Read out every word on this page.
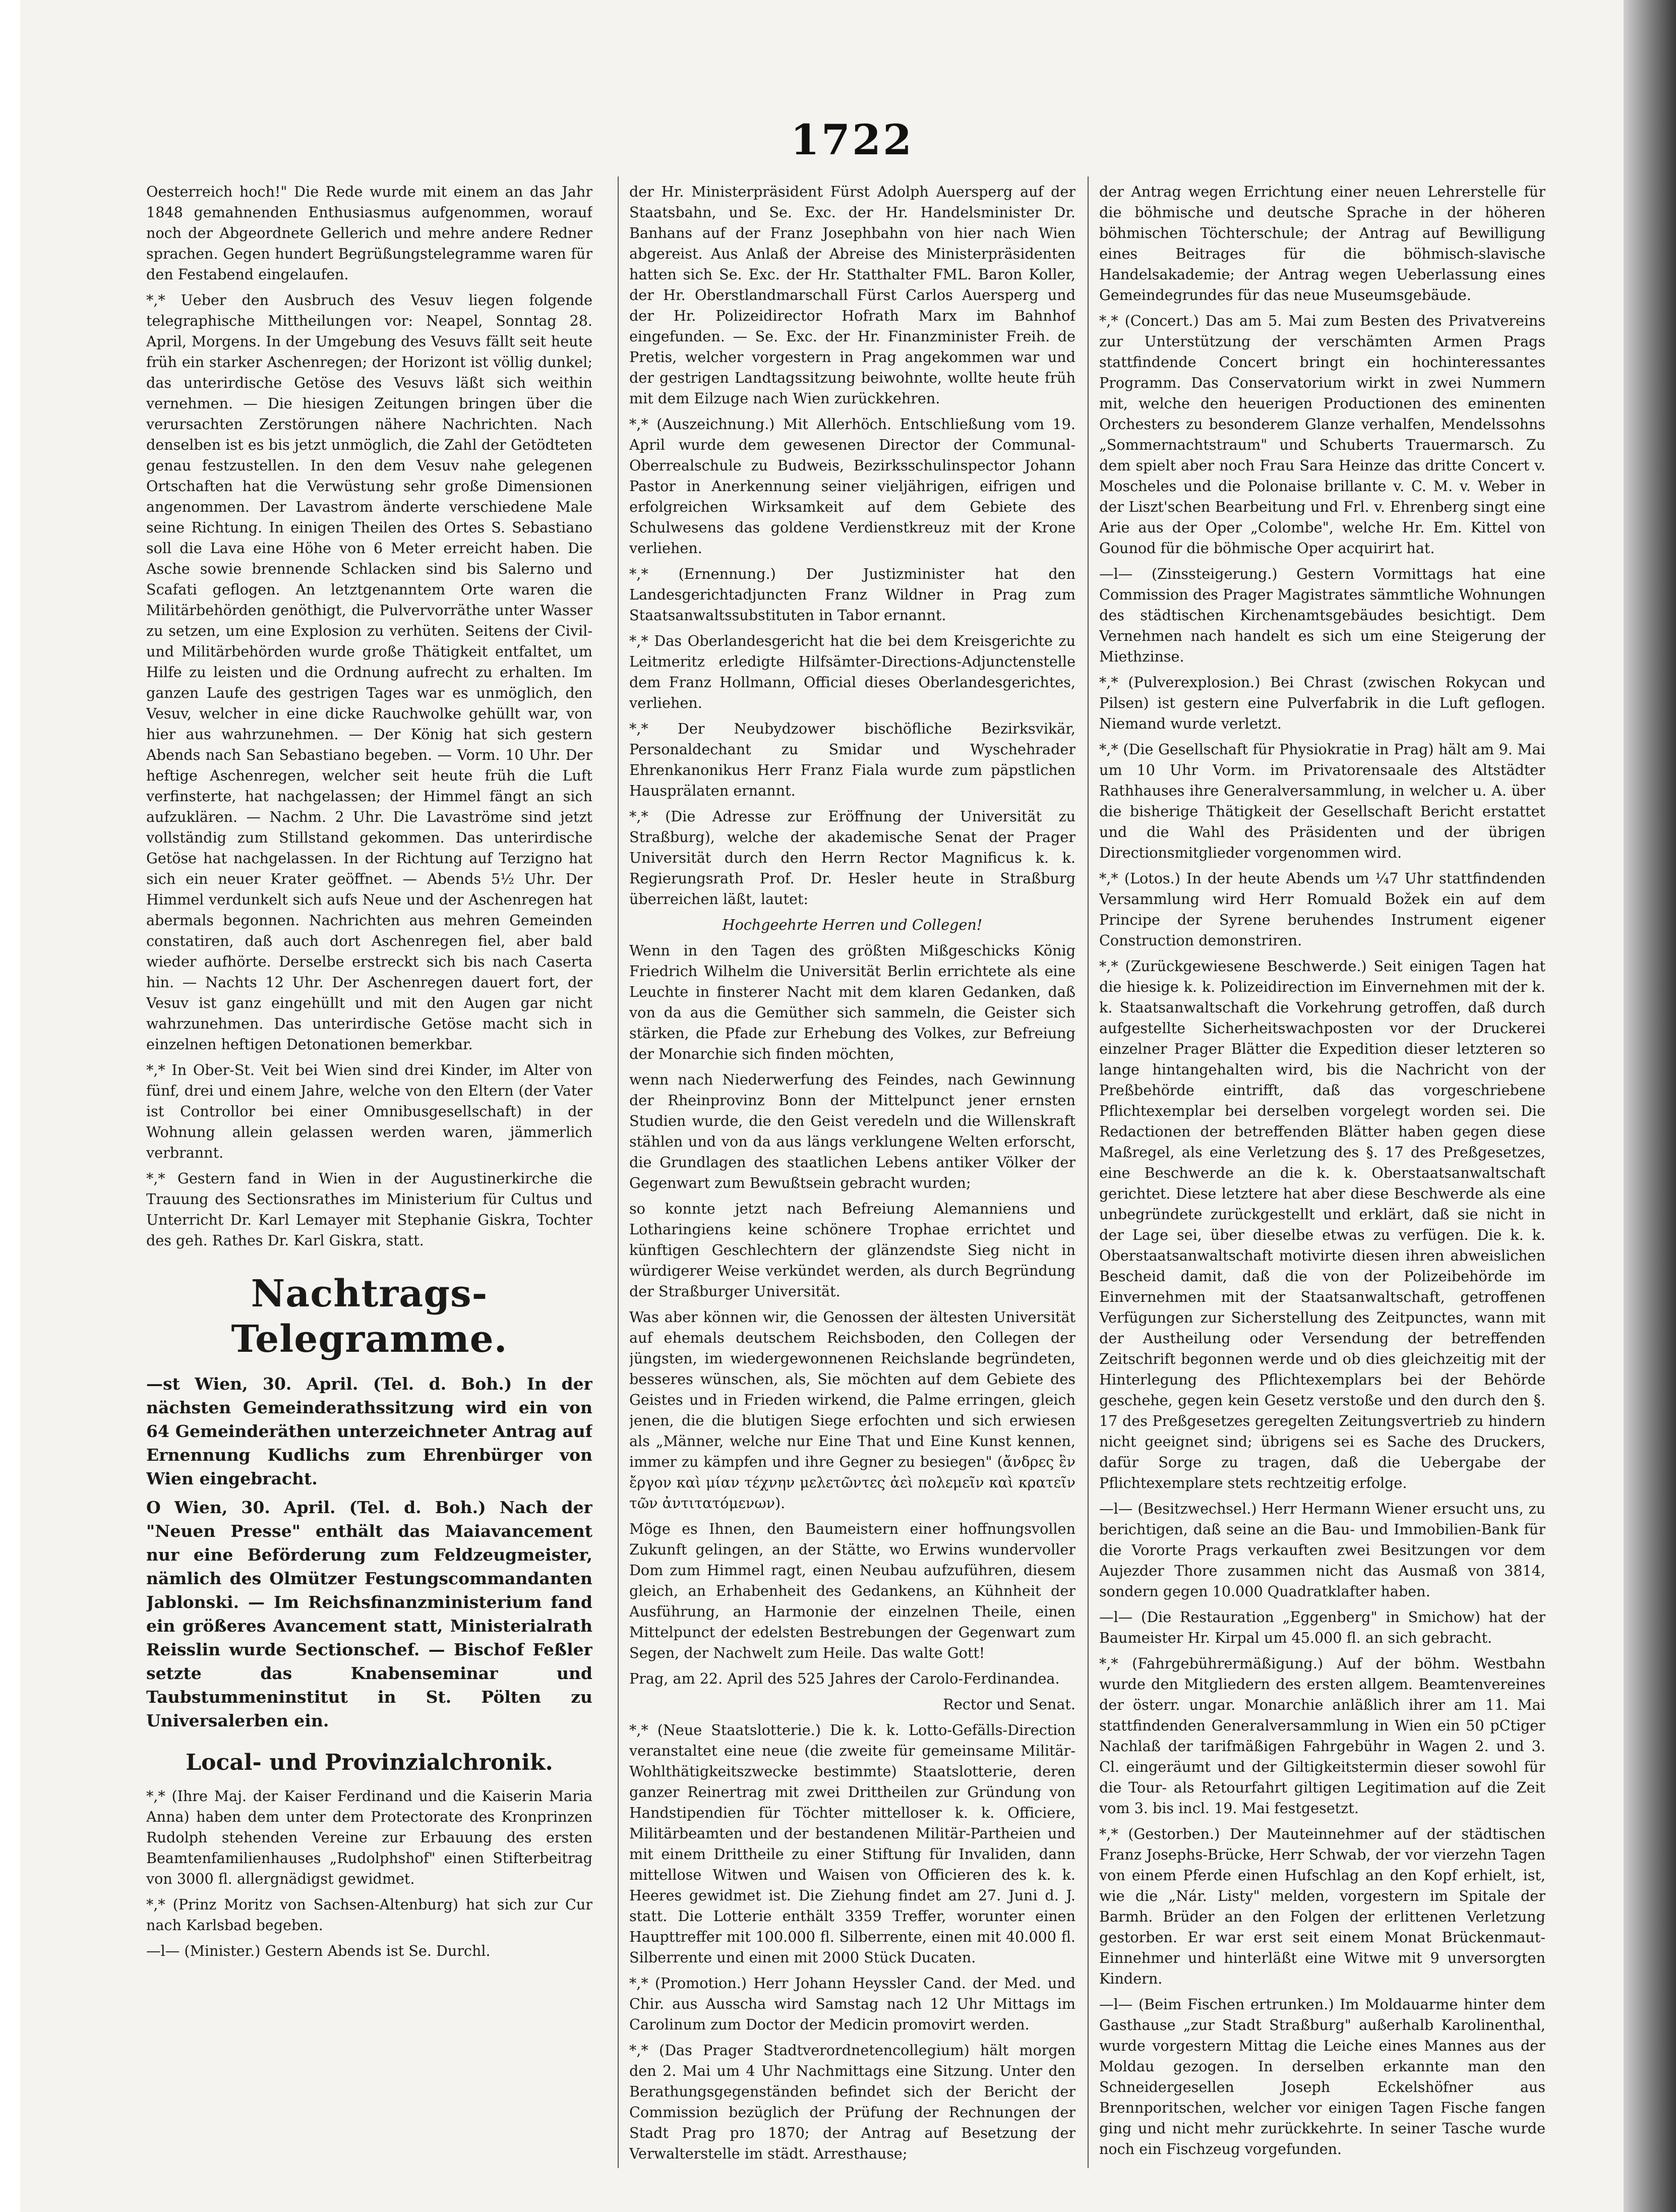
1722

Oesterreich hoch!" Die Rede wurde mit einem an das Jahr 1848 gemahnenden Enthusiasmus aufgenommen, worauf noch der Abgeordnete Gellerich und mehre andere Redner sprachen. Gegen hundert Begrüßungstelegramme waren für den Festabend eingelaufen.

*,* Ueber den Ausbruch des Vesuv liegen folgende telegraphische Mittheilungen vor: Neapel, Sonntag 28. April, Morgens. In der Umgebung des Vesuvs fällt seit heute früh ein starker Aschenregen; der Horizont ist völlig dunkel; das unterirdische Getöse des Vesuvs läßt sich weithin vernehmen. — Die hiesigen Zeitungen bringen über die verursachten Zerstörungen nähere Nachrichten. Nach denselben ist es bis jetzt unmöglich, die Zahl der Getödteten genau festzustellen. In den dem Vesuv nahe gelegenen Ortschaften hat die Verwüstung sehr große Dimensionen angenommen. Der Lavastrom änderte verschiedene Male seine Richtung. In einigen Theilen des Ortes S. Sebastiano soll die Lava eine Höhe von 6 Meter erreicht haben. Die Asche sowie brennende Schlacken sind bis Salerno und Scafati geflogen. An letztgenanntem Orte waren die Militärbehörden genöthigt, die Pulvervorräthe unter Wasser zu setzen, um eine Explosion zu verhüten. Seitens der Civil- und Militärbehörden wurde große Thätigkeit entfaltet, um Hilfe zu leisten und die Ordnung aufrecht zu erhalten. Im ganzen Laufe des gestrigen Tages war es unmöglich, den Vesuv, welcher in eine dicke Rauchwolke gehüllt war, von hier aus wahrzunehmen. — Der König hat sich gestern Abends nach San Sebastiano begeben. — Vorm. 10 Uhr. Der heftige Aschenregen, welcher seit heute früh die Luft verfinsterte, hat nachgelassen; der Himmel fängt an sich aufzuklären. — Nachm. 2 Uhr. Die Lavaströme sind jetzt vollständig zum Stillstand gekommen. Das unterirdische Getöse hat nachgelassen. In der Richtung auf Terzigno hat sich ein neuer Krater geöffnet. — Abends 5½ Uhr. Der Himmel verdunkelt sich aufs Neue und der Aschenregen hat abermals begonnen. Nachrichten aus mehren Gemeinden constatiren, daß auch dort Aschenregen fiel, aber bald wieder aufhörte. Derselbe erstreckt sich bis nach Caserta hin. — Nachts 12 Uhr. Der Aschenregen dauert fort, der Vesuv ist ganz eingehüllt und mit den Augen gar nicht wahrzunehmen. Das unterirdische Getöse macht sich in einzelnen heftigen Detonationen bemerkbar.

*,* In Ober-St. Veit bei Wien sind drei Kinder, im Alter von fünf, drei und einem Jahre, welche von den Eltern (der Vater ist Controllor bei einer Omnibusgesellschaft) in der Wohnung allein gelassen werden waren, jämmerlich verbrannt.

*,* Gestern fand in Wien in der Augustinerkirche die Trauung des Sectionsrathes im Ministerium für Cultus und Unterricht Dr. Karl Lemayer mit Stephanie Giskra, Tochter des geh. Rathes Dr. Karl Giskra, statt.

Nachtrags-Telegramme.

—st Wien, 30. April. (Tel. d. Boh.) In der nächsten Gemeinderathssitzung wird ein von 64 Gemeinderäthen unterzeichneter Antrag auf Ernennung Kudlichs zum Ehrenbürger von Wien eingebracht.

O Wien, 30. April. (Tel. d. Boh.) Nach der "Neuen Presse" enthält das Maiavancement nur eine Beförderung zum Feldzeugmeister, nämlich des Olmützer Festungscommandanten Jablonski. — Im Reichsfinanzministerium fand ein größeres Avancement statt, Ministerialrath Reisslin wurde Sectionschef. — Bischof Feßler setzte das Knabenseminar und Taubstummeninstitut in St. Pölten zu Universalerben ein.

Local- und Provinzialchronik.

*,* (Ihre Maj. der Kaiser Ferdinand und die Kaiserin Maria Anna) haben dem unter dem Protectorate des Kronprinzen Rudolph stehenden Vereine zur Erbauung des ersten Beamtenfamilienhauses „Rudolphshof" einen Stifterbeitrag von 3000 fl. allergnädigst gewidmet.

*,* (Prinz Moritz von Sachsen-Altenburg) hat sich zur Cur nach Karlsbad begeben.

—l— (Minister.) Gestern Abends ist Se. Durchl.

der Hr. Ministerpräsident Fürst Adolph Auersperg auf der Staatsbahn, und Se. Exc. der Hr. Handelsminister Dr. Banhans auf der Franz Josephbahn von hier nach Wien abgereist. Aus Anlaß der Abreise des Ministerpräsidenten hatten sich Se. Exc. der Hr. Statthalter FML. Baron Koller, der Hr. Oberstlandmarschall Fürst Carlos Auersperg und der Hr. Polizeidirector Hofrath Marx im Bahnhof eingefunden. — Se. Exc. der Hr. Finanzminister Freih. de Pretis, welcher vorgestern in Prag angekommen war und der gestrigen Landtagssitzung beiwohnte, wollte heute früh mit dem Eilzuge nach Wien zurückkehren.

*,* (Auszeichnung.) Mit Allerhöch. Entschließung vom 19. April wurde dem gewesenen Director der Communal-Oberrealschule zu Budweis, Bezirksschulinspector Johann Pastor in Anerkennung seiner vieljährigen, eifrigen und erfolgreichen Wirksamkeit auf dem Gebiete des Schulwesens das goldene Verdienstkreuz mit der Krone verliehen.

*,* (Ernennung.) Der Justizminister hat den Landesgerichtadjuncten Franz Wildner in Prag zum Staatsanwaltssubstituten in Tabor ernannt.

*,* Das Oberlandesgericht hat die bei dem Kreisgerichte zu Leitmeritz erledigte Hilfsämter-Directions-Adjunctenstelle dem Franz Hollmann, Official dieses Oberlandesgerichtes, verliehen.

*,* Der Neubydzower bischöfliche Bezirksvikär, Personaldechant zu Smidar und Wyschehrader Ehrenkanonikus Herr Franz Fiala wurde zum päpstlichen Hausprälaten ernannt.

*,* (Die Adresse zur Eröffnung der Universität zu Straßburg), welche der akademische Senat der Prager Universität durch den Herrn Rector Magnificus k. k. Regierungsrath Prof. Dr. Hesler heute in Straßburg überreichen läßt, lautet:

Hochgeehrte Herren und Collegen!

Wenn in den Tagen des größten Mißgeschicks König Friedrich Wilhelm die Universität Berlin errichtete als eine Leuchte in finsterer Nacht mit dem klaren Gedanken, daß von da aus die Gemüther sich sammeln, die Geister sich stärken, die Pfade zur Erhebung des Volkes, zur Befreiung der Monarchie sich finden möchten,

wenn nach Niederwerfung des Feindes, nach Gewinnung der Rheinprovinz Bonn der Mittelpunct jener ernsten Studien wurde, die den Geist veredeln und die Willenskraft stählen und von da aus längs verklungene Welten erforscht, die Grundlagen des staatlichen Lebens antiker Völker der Gegenwart zum Bewußtsein gebracht wurden;

so konnte jetzt nach Befreiung Alemanniens und Lotharingiens keine schönere Trophae errichtet und künftigen Geschlechtern der glänzendste Sieg nicht in würdigerer Weise verkündet werden, als durch Begründung der Straßburger Universität.

Was aber können wir, die Genossen der ältesten Universität auf ehemals deutschem Reichsboden, den Collegen der jüngsten, im wiedergewonnenen Reichslande begründeten, besseres wünschen, als, Sie möchten auf dem Gebiete des Geistes und in Frieden wirkend, die Palme erringen, gleich jenen, die die blutigen Siege erfochten und sich erwiesen als „Männer, welche nur Eine That und Eine Kunst kennen, immer zu kämpfen und ihre Gegner zu besiegen" (ἄνδρες ἓν ἔργον καὶ μίαν τέχνην μελετῶντες ἀεὶ πολεμεῖν καὶ κρατεῖν τῶν ἀντιτατόμενων).

Möge es Ihnen, den Baumeistern einer hoffnungsvollen Zukunft gelingen, an der Stätte, wo Erwins wundervoller Dom zum Himmel ragt, einen Neubau aufzuführen, diesem gleich, an Erhabenheit des Gedankens, an Kühnheit der Ausführung, an Harmonie der einzelnen Theile, einen Mittelpunct der edelsten Bestrebungen der Gegenwart zum Segen, der Nachwelt zum Heile. Das walte Gott!

Prag, am 22. April des 525 Jahres der Carolo-Ferdinandea.

Rector und Senat.

*,* (Neue Staatslotterie.) Die k. k. Lotto-Gefälls-Direction veranstaltet eine neue (die zweite für gemeinsame Militär-Wohlthätigkeitszwecke bestimmte) Staatslotterie, deren ganzer Reinertrag mit zwei Drittheilen zur Gründung von Handstipendien für Töchter mittelloser k. k. Officiere, Militärbeamten und der bestandenen Militär-Partheien und mit einem Drittheile zu einer Stiftung für Invaliden, dann mittellose Witwen und Waisen von Officieren des k. k. Heeres gewidmet ist. Die Ziehung findet am 27. Juni d. J. statt. Die Lotterie enthält 3359 Treffer, worunter einen Haupttreffer mit 100.000 fl. Silberrente, einen mit 40.000 fl. Silberrente und einen mit 2000 Stück Ducaten.

*,* (Promotion.) Herr Johann Heyssler Cand. der Med. und Chir. aus Ausscha wird Samstag nach 12 Uhr Mittags im Carolinum zum Doctor der Medicin promovirt werden.

*,* (Das Prager Stadtverordnetencollegium) hält morgen den 2. Mai um 4 Uhr Nachmittags eine Sitzung. Unter den Berathungsgegenständen befindet sich der Bericht der Commission bezüglich der Prüfung der Rechnungen der Stadt Prag pro 1870; der Antrag auf Besetzung der Verwalterstelle im städt. Arresthause;

der Antrag wegen Errichtung einer neuen Lehrerstelle für die böhmische und deutsche Sprache in der höheren böhmischen Töchterschule; der Antrag auf Bewilligung eines Beitrages für die böhmisch-slavische Handelsakademie; der Antrag wegen Ueberlassung eines Gemeindegrundes für das neue Museumsgebäude.

*,* (Concert.) Das am 5. Mai zum Besten des Privatvereins zur Unterstützung der verschämten Armen Prags stattfindende Concert bringt ein hochinteressantes Programm. Das Conservatorium wirkt in zwei Nummern mit, welche den heuerigen Productionen des eminenten Orchesters zu besonderem Glanze verhalfen, Mendelssohns „Sommernachtstraum" und Schuberts Trauermarsch. Zu dem spielt aber noch Frau Sara Heinze das dritte Concert v. Moscheles und die Polonaise brillante v. C. M. v. Weber in der Liszt'schen Bearbeitung und Frl. v. Ehrenberg singt eine Arie aus der Oper „Colombe", welche Hr. Em. Kittel von Gounod für die böhmische Oper acquirirt hat.

—l— (Zinssteigerung.) Gestern Vormittags hat eine Commission des Prager Magistrates sämmtliche Wohnungen des städtischen Kirchenamtsgebäudes besichtigt. Dem Vernehmen nach handelt es sich um eine Steigerung der Miethzinse.

*,* (Pulverexplosion.) Bei Chrast (zwischen Rokycan und Pilsen) ist gestern eine Pulverfabrik in die Luft geflogen. Niemand wurde verletzt.

*,* (Die Gesellschaft für Physiokratie in Prag) hält am 9. Mai um 10 Uhr Vorm. im Privatorensaale des Altstädter Rathhauses ihre Generalversammlung, in welcher u. A. über die bisherige Thätigkeit der Gesellschaft Bericht erstattet und die Wahl des Präsidenten und der übrigen Directionsmitglieder vorgenommen wird.

*,* (Lotos.) In der heute Abends um ¼7 Uhr stattfindenden Versammlung wird Herr Romuald Božek ein auf dem Principe der Syrene beruhendes Instrument eigener Construction demonstriren.

*,* (Zurückgewiesene Beschwerde.) Seit einigen Tagen hat die hiesige k. k. Polizeidirection im Einvernehmen mit der k. k. Staatsanwaltschaft die Vorkehrung getroffen, daß durch aufgestellte Sicherheitswachposten vor der Druckerei einzelner Prager Blätter die Expedition dieser letzteren so lange hintangehalten wird, bis die Nachricht von der Preßbehörde eintrifft, daß das vorgeschriebene Pflichtexemplar bei derselben vorgelegt worden sei. Die Redactionen der betreffenden Blätter haben gegen diese Maßregel, als eine Verletzung des §. 17 des Preßgesetzes, eine Beschwerde an die k. k. Oberstaatsanwaltschaft gerichtet. Diese letztere hat aber diese Beschwerde als eine unbegründete zurückgestellt und erklärt, daß sie nicht in der Lage sei, über dieselbe etwas zu verfügen. Die k. k. Oberstaatsanwaltschaft motivirte diesen ihren abweislichen Bescheid damit, daß die von der Polizeibehörde im Einvernehmen mit der Staatsanwaltschaft, getroffenen Verfügungen zur Sicherstellung des Zeitpunctes, wann mit der Austheilung oder Versendung der betreffenden Zeitschrift begonnen werde und ob dies gleichzeitig mit der Hinterlegung des Pflichtexemplars bei der Behörde geschehe, gegen kein Gesetz verstoße und den durch den §. 17 des Preßgesetzes geregelten Zeitungsvertrieb zu hindern nicht geeignet sind; übrigens sei es Sache des Druckers, dafür Sorge zu tragen, daß die Uebergabe der Pflichtexemplare stets rechtzeitig erfolge.

—l— (Besitzwechsel.) Herr Hermann Wiener ersucht uns, zu berichtigen, daß seine an die Bau- und Immobilien-Bank für die Vororte Prags verkauften zwei Besitzungen vor dem Aujezder Thore zusammen nicht das Ausmaß von 3814, sondern gegen 10.000 Quadratklafter haben.

—l— (Die Restauration „Eggenberg" in Smichow) hat der Baumeister Hr. Kirpal um 45.000 fl. an sich gebracht.

*,* (Fahrgebührermäßigung.) Auf der böhm. Westbahn wurde den Mitgliedern des ersten allgem. Beamtenvereines der österr. ungar. Monarchie anläßlich ihrer am 11. Mai stattfindenden Generalversammlung in Wien ein 50 pCtiger Nachlaß der tarifmäßigen Fahrgebühr in Wagen 2. und 3. Cl. eingeräumt und der Giltigkeitstermin dieser sowohl für die Tour- als Retourfahrt giltigen Legitimation auf die Zeit vom 3. bis incl. 19. Mai festgesetzt.

*,* (Gestorben.) Der Mauteinnehmer auf der städtischen Franz Josephs-Brücke, Herr Schwab, der vor vierzehn Tagen von einem Pferde einen Hufschlag an den Kopf erhielt, ist, wie die „Nár. Listy" melden, vorgestern im Spitale der Barmh. Brüder an den Folgen der erlittenen Verletzung gestorben. Er war erst seit einem Monat Brückenmaut-Einnehmer und hinterläßt eine Witwe mit 9 unversorgten Kindern.

—l— (Beim Fischen ertrunken.) Im Moldauarme hinter dem Gasthause „zur Stadt Straßburg" außerhalb Karolinenthal, wurde vorgestern Mittag die Leiche eines Mannes aus der Moldau gezogen. In derselben erkannte man den Schneidergesellen Joseph Eckelshöfner aus Brennporitschen, welcher vor einigen Tagen Fische fangen ging und nicht mehr zurückkehrte. In seiner Tasche wurde noch ein Fischzeug vorgefunden.
